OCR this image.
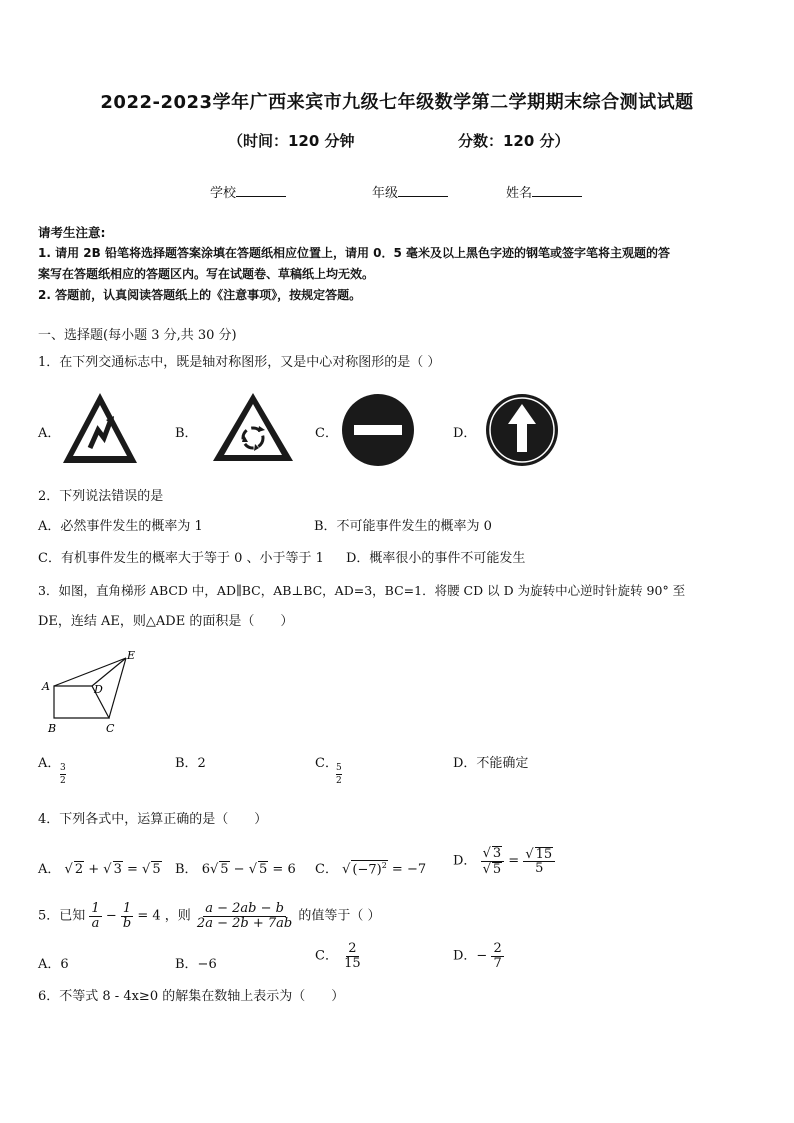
2022-2023学年广西来宾市九级七年级数学第二学期期末综合测试试题
（时间：120 分钟	分数：120 分）
学校	年级	姓名
请考生注意:
1. 请用 2B 铅笔将选择题答案涂填在答题纸相应位置上，请用 0．5 毫米及以上黑色字迹的钢笔或签字笔将主观题的答
案写在答题纸相应的答题区内。写在试题卷、草稿纸上均无效。
2. 答题前，认真阅读答题纸上的《注意事项》，按规定答题。
一、选择题(每小题 3 分,共 30 分)
1．在下列交通标志中，既是轴对称图形，又是中心对称图形的是（ ）
A．	B．	C．	D．
2．下列说法错误的是
A．必然事件发生的概率为 1	B．不可能事件发生的概率为 0
C．有机事件发生的概率大于等于 0 、小于等于 1 D．概率很小的事件不可能发生
3．如图，直角梯形 ABCD 中，AD∥BC，AB⊥BC，AD=3，BC=1．将腰 CD 以 D 为旋转中心逆时针旋转 90° 至
DE，连结 AE，则△ADE 的面积是（　　）
A	D
B	C
E
A． 3
2
B．2	C．
5
2
D．不能确定
4．下列各式中，运算正确的是（　　）
A． √ 2 + √ 3 = √ 5 B． 6 √ 5 − √ 5 = 6 C． √ $(-7)^2 = -7$
D． √ 3
√ 5 = √ $\frac{15}{5}$
5．已知 $\frac{1}{a} - \frac{1}{b} = 4$ ，则 $\frac{a - 2ab - b}{2a - 2b + 7ab}$ 的值等于（ ）
A．6	B．−6
C． $\frac{2}{15}$	D．− $\frac{2}{7}$
6．不等式 8 - 4x≥0 的解集在数轴上表示为（　　）
